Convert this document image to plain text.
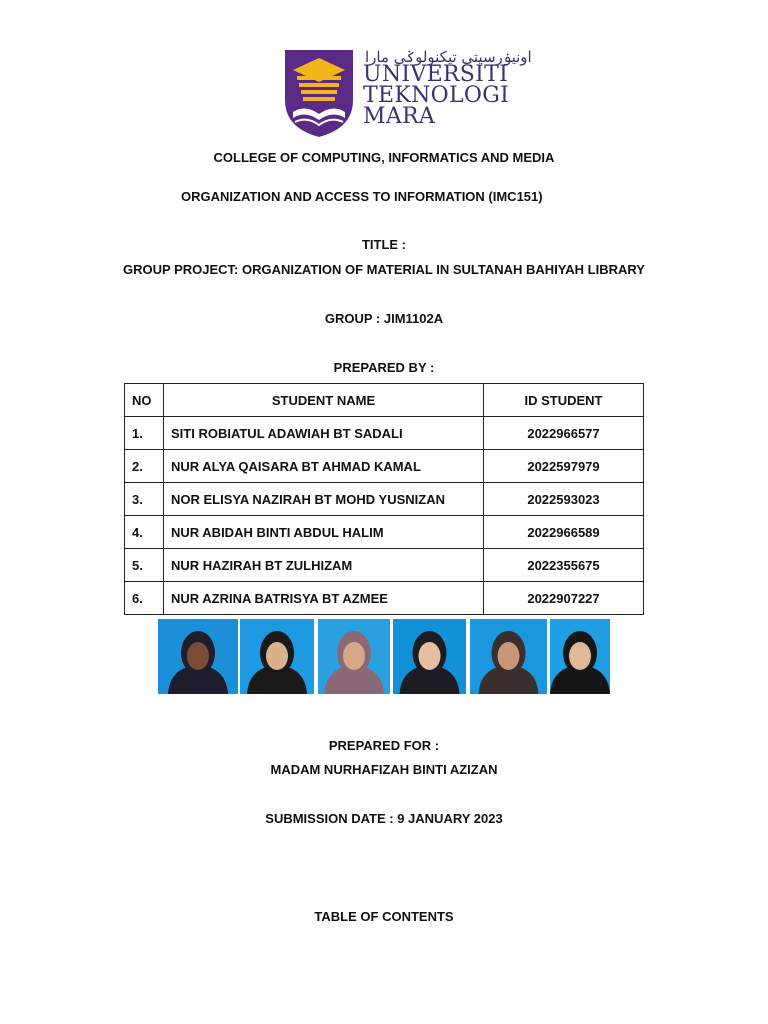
اونيۏرسيتي تيكنولوݢي مارا
UNIVERSITI
TEKNOLOGI
MARA
COLLEGE OF COMPUTING, INFORMATICS AND MEDIA
ORGANIZATION AND ACCESS TO INFORMATION (IMC151)
TITLE :
GROUP PROJECT: ORGANIZATION OF MATERIAL IN SULTANAH BAHIYAH LIBRARY
GROUP : JIM1102A
PREPARED BY :
NO	STUDENT NAME	ID STUDENT
1.	SITI ROBIATUL ADAWIAH BT SADALI	2022966577
2.	NUR ALYA QAISARA BT AHMAD KAMAL	2022597979
3.	NOR ELISYA NAZIRAH BT MOHD YUSNIZAN	2022593023
4.	NUR ABIDAH BINTI ABDUL HALIM	2022966589
5.	NUR HAZIRAH BT ZULHIZAM	2022355675
6.	NUR AZRINA BATRISYA BT AZMEE	2022907227
PREPARED FOR :
MADAM NURHAFIZAH BINTI AZIZAN
SUBMISSION DATE : 9 JANUARY 2023
TABLE OF CONTENTS
